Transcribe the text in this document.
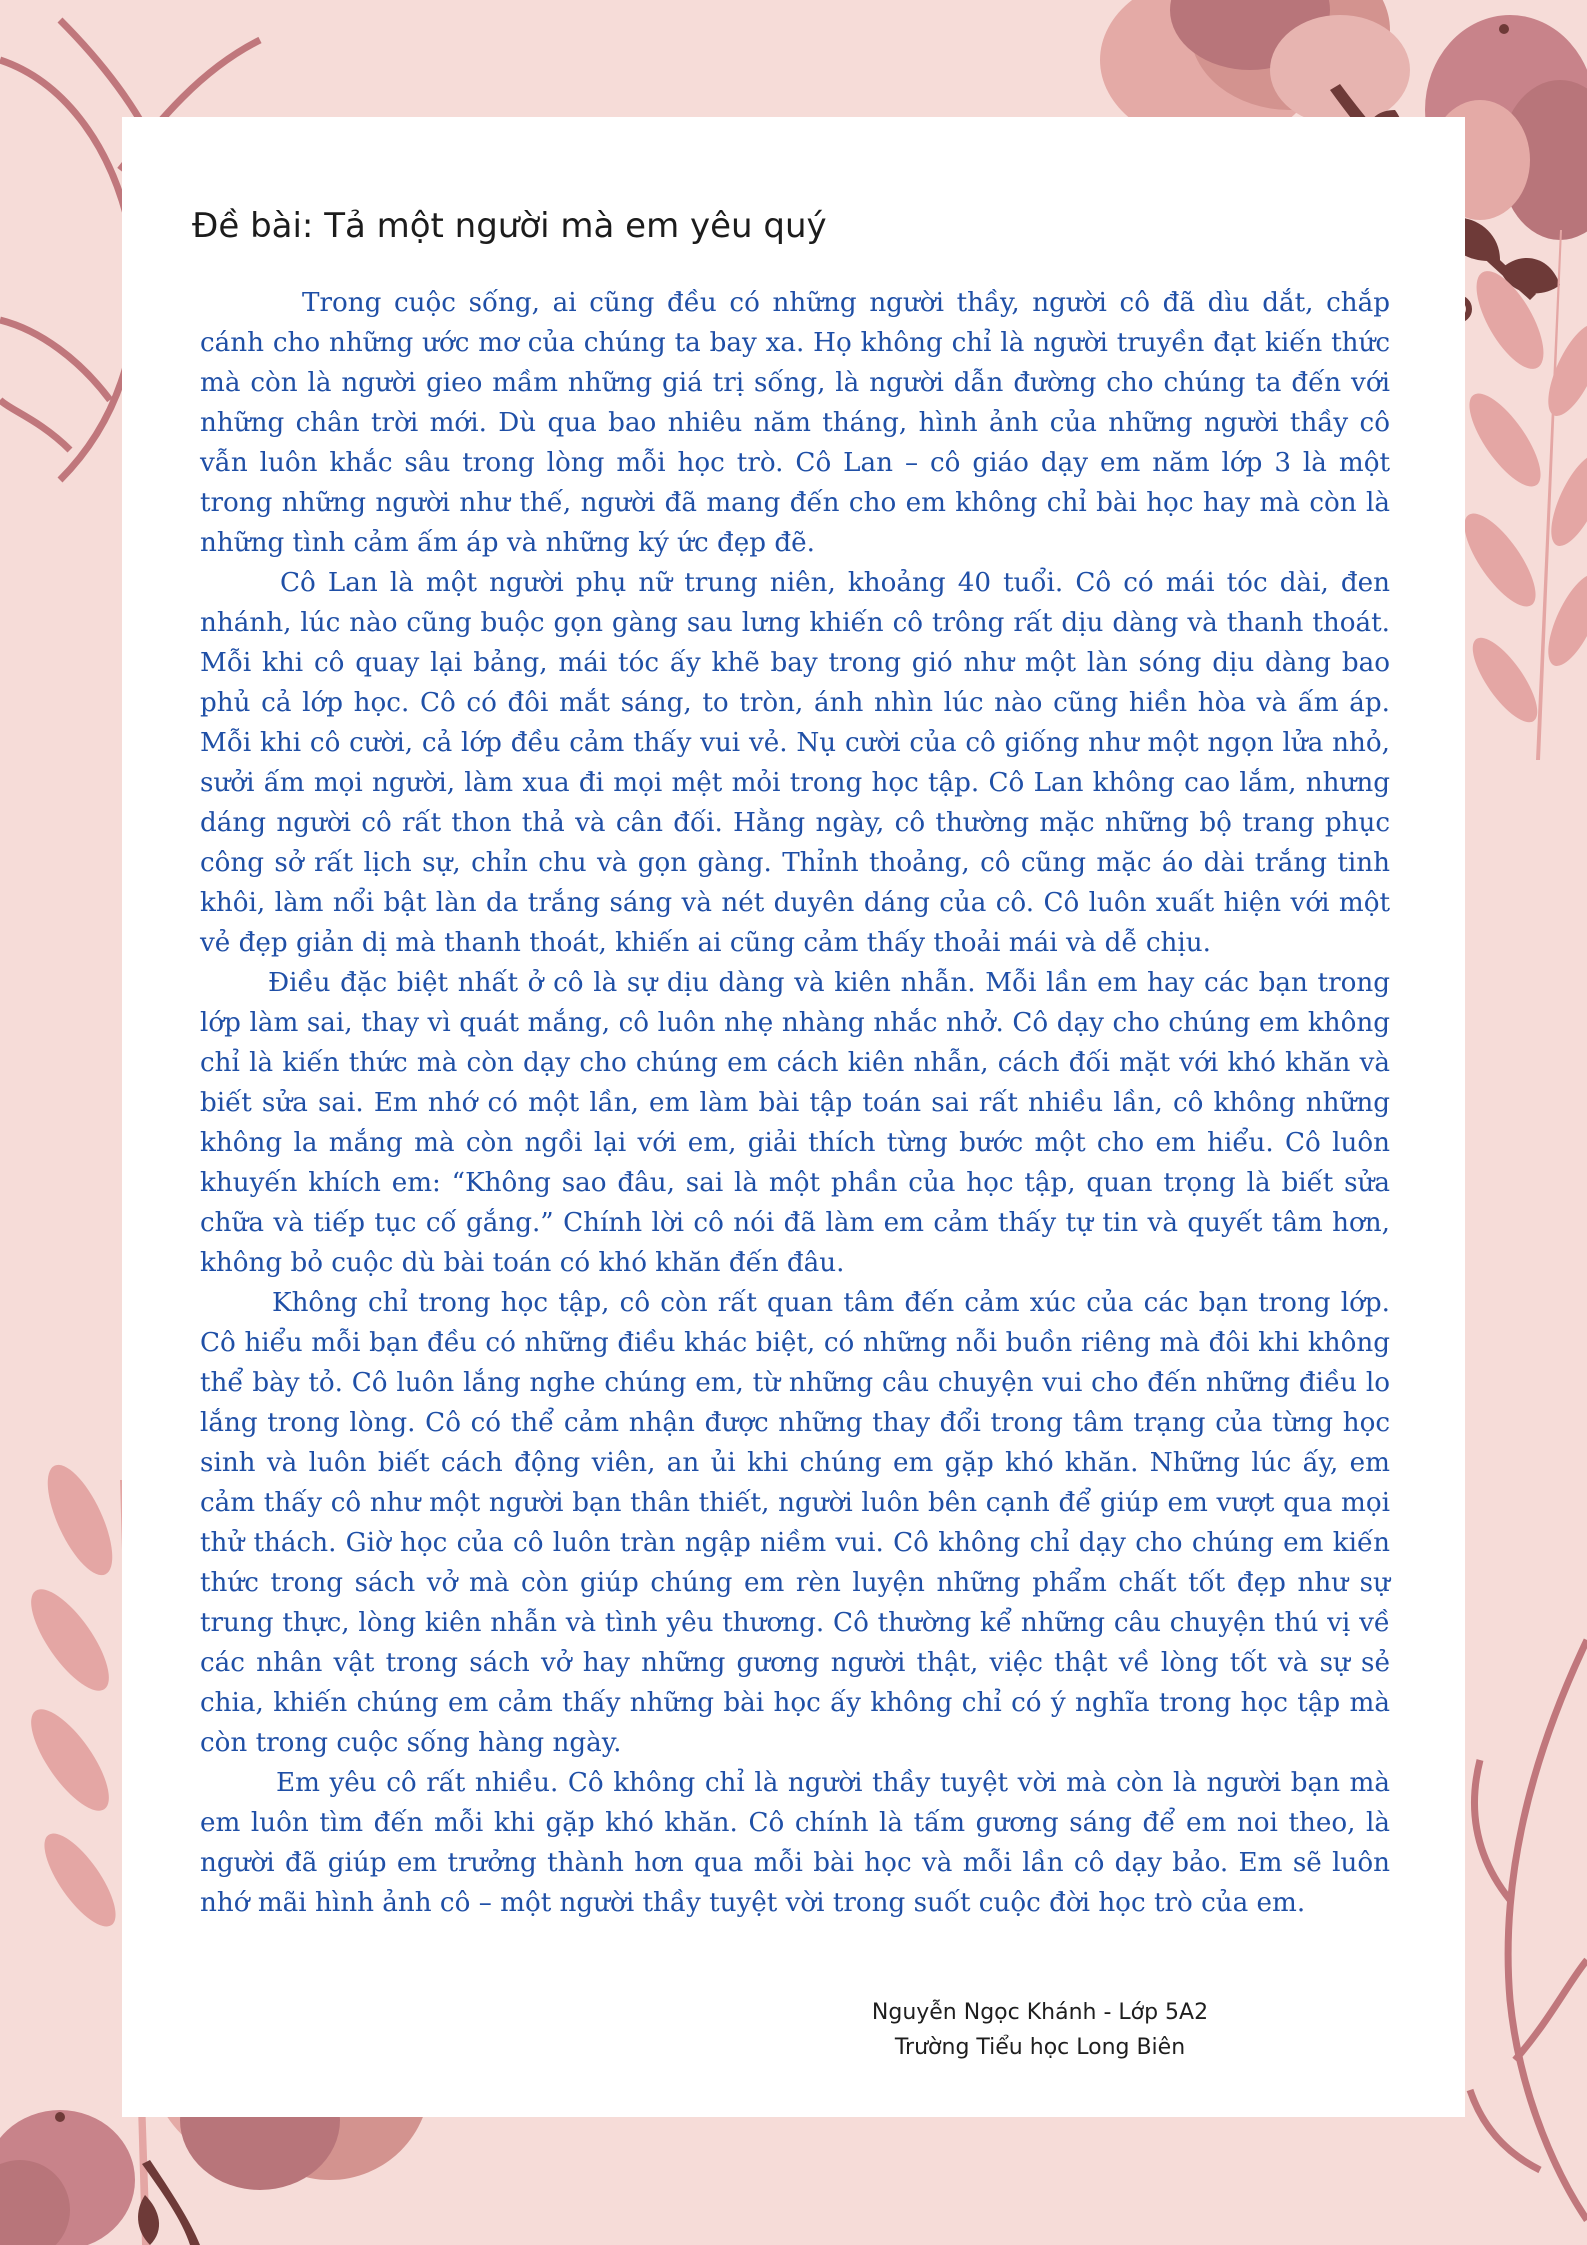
Đề bài: Tả một người mà em yêu quý

Trong cuộc sống, ai cũng đều có những người thầy, người cô đã dìu dắt, chắp cánh cho những ước mơ của chúng ta bay xa. Họ không chỉ là người truyền đạt kiến thức mà còn là người gieo mầm những giá trị sống, là người dẫn đường cho chúng ta đến với những chân trời mới. Dù qua bao nhiêu năm tháng, hình ảnh của những người thầy cô vẫn luôn khắc sâu trong lòng mỗi học trò. Cô Lan – cô giáo dạy em năm lớp 3 là một trong những người như thế, người đã mang đến cho em không chỉ bài học hay mà còn là những tình cảm ấm áp và những ký ức đẹp đẽ.

Cô Lan là một người phụ nữ trung niên, khoảng 40 tuổi. Cô có mái tóc dài, đen nhánh, lúc nào cũng buộc gọn gàng sau lưng khiến cô trông rất dịu dàng và thanh thoát. Mỗi khi cô quay lại bảng, mái tóc ấy khẽ bay trong gió như một làn sóng dịu dàng bao phủ cả lớp học. Cô có đôi mắt sáng, to tròn, ánh nhìn lúc nào cũng hiền hòa và ấm áp. Mỗi khi cô cười, cả lớp đều cảm thấy vui vẻ. Nụ cười của cô giống như một ngọn lửa nhỏ, sưởi ấm mọi người, làm xua đi mọi mệt mỏi trong học tập. Cô Lan không cao lắm, nhưng dáng người cô rất thon thả và cân đối. Hằng ngày, cô thường mặc những bộ trang phục công sở rất lịch sự, chỉn chu và gọn gàng. Thỉnh thoảng, cô cũng mặc áo dài trắng tinh khôi, làm nổi bật làn da trắng sáng và nét duyên dáng của cô. Cô luôn xuất hiện với một vẻ đẹp giản dị mà thanh thoát, khiến ai cũng cảm thấy thoải mái và dễ chịu.

Điều đặc biệt nhất ở cô là sự dịu dàng và kiên nhẫn. Mỗi lần em hay các bạn trong lớp làm sai, thay vì quát mắng, cô luôn nhẹ nhàng nhắc nhở. Cô dạy cho chúng em không chỉ là kiến thức mà còn dạy cho chúng em cách kiên nhẫn, cách đối mặt với khó khăn và biết sửa sai. Em nhớ có một lần, em làm bài tập toán sai rất nhiều lần, cô không những không la mắng mà còn ngồi lại với em, giải thích từng bước một cho em hiểu. Cô luôn khuyến khích em: “Không sao đâu, sai là một phần của học tập, quan trọng là biết sửa chữa và tiếp tục cố gắng.” Chính lời cô nói đã làm em cảm thấy tự tin và quyết tâm hơn, không bỏ cuộc dù bài toán có khó khăn đến đâu.

Không chỉ trong học tập, cô còn rất quan tâm đến cảm xúc của các bạn trong lớp. Cô hiểu mỗi bạn đều có những điều khác biệt, có những nỗi buồn riêng mà đôi khi không thể bày tỏ. Cô luôn lắng nghe chúng em, từ những câu chuyện vui cho đến những điều lo lắng trong lòng. Cô có thể cảm nhận được những thay đổi trong tâm trạng của từng học sinh và luôn biết cách động viên, an ủi khi chúng em gặp khó khăn. Những lúc ấy, em cảm thấy cô như một người bạn thân thiết, người luôn bên cạnh để giúp em vượt qua mọi thử thách. Giờ học của cô luôn tràn ngập niềm vui. Cô không chỉ dạy cho chúng em kiến thức trong sách vở mà còn giúp chúng em rèn luyện những phẩm chất tốt đẹp như sự trung thực, lòng kiên nhẫn và tình yêu thương. Cô thường kể những câu chuyện thú vị về các nhân vật trong sách vở hay những gương người thật, việc thật về lòng tốt và sự sẻ chia, khiến chúng em cảm thấy những bài học ấy không chỉ có ý nghĩa trong học tập mà còn trong cuộc sống hàng ngày.

Em yêu cô rất nhiều. Cô không chỉ là người thầy tuyệt vời mà còn là người bạn mà em luôn tìm đến mỗi khi gặp khó khăn. Cô chính là tấm gương sáng để em noi theo, là người đã giúp em trưởng thành hơn qua mỗi bài học và mỗi lần cô dạy bảo. Em sẽ luôn nhớ mãi hình ảnh cô – một người thầy tuyệt vời trong suốt cuộc đời học trò của em.

Nguyễn Ngọc Khánh - Lớp 5A2
Trường Tiểu học Long Biên
